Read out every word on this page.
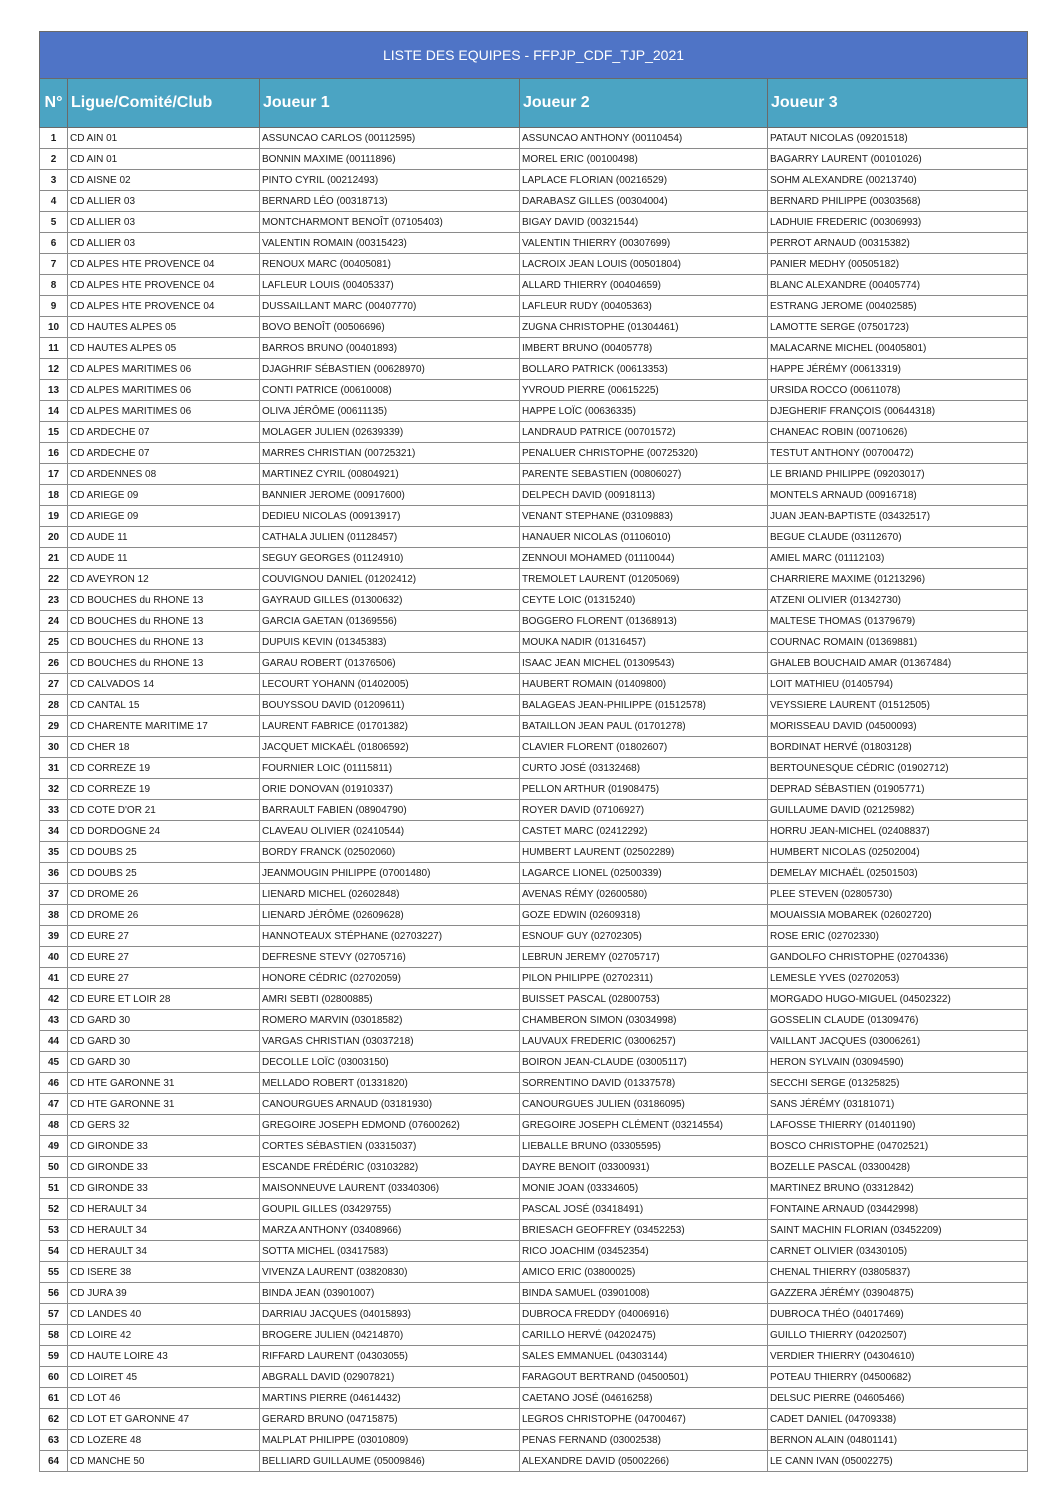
LISTE DES EQUIPES - FFPJP_CDF_TJP_2021				
N°	Ligue/Comité/Club	Joueur 1	Joueur 2	Joueur 3
1	CD AIN 01	ASSUNCAO CARLOS (00112595)	ASSUNCAO ANTHONY (00110454)	PATAUT NICOLAS (09201518)
2	CD AIN 01	BONNIN MAXIME (00111896)	MOREL ERIC (00100498)	BAGARRY LAURENT (00101026)
3	CD AISNE 02	PINTO CYRIL (00212493)	LAPLACE FLORIAN (00216529)	SOHM ALEXANDRE (00213740)
4	CD ALLIER 03	BERNARD LÉO (00318713)	DARABASZ GILLES (00304004)	BERNARD PHILIPPE (00303568)
5	CD ALLIER 03	MONTCHARMONT BENOÎT (07105403)	BIGAY DAVID (00321544)	LADHUIE FREDERIC (00306993)
6	CD ALLIER 03	VALENTIN ROMAIN (00315423)	VALENTIN THIERRY (00307699)	PERROT ARNAUD (00315382)
7	CD ALPES HTE PROVENCE 04	RENOUX MARC (00405081)	LACROIX JEAN LOUIS (00501804)	PANIER MEDHY (00505182)
8	CD ALPES HTE PROVENCE 04	LAFLEUR LOUIS (00405337)	ALLARD THIERRY (00404659)	BLANC ALEXANDRE (00405774)
9	CD ALPES HTE PROVENCE 04	DUSSAILLANT MARC (00407770)	LAFLEUR RUDY (00405363)	ESTRANG JEROME (00402585)
10	CD HAUTES ALPES 05	BOVO BENOÎT (00506696)	ZUGNA CHRISTOPHE (01304461)	LAMOTTE SERGE (07501723)
11	CD HAUTES ALPES 05	BARROS BRUNO (00401893)	IMBERT BRUNO (00405778)	MALACARNE MICHEL (00405801)
12	CD ALPES MARITIMES 06	DJAGHRIF SÉBASTIEN (00628970)	BOLLARO PATRICK (00613353)	HAPPE JÉRÉMY (00613319)
13	CD ALPES MARITIMES 06	CONTI PATRICE (00610008)	YVROUD PIERRE (00615225)	URSIDA ROCCO (00611078)
14	CD ALPES MARITIMES 06	OLIVA JÉRÔME (00611135)	HAPPE LOÏC (00636335)	DJEGHERIF FRANÇOIS (00644318)
15	CD ARDECHE 07	MOLAGER JULIEN (02639339)	LANDRAUD PATRICE (00701572)	CHANEAC ROBIN (00710626)
16	CD ARDECHE 07	MARRES CHRISTIAN (00725321)	PENALUER CHRISTOPHE (00725320)	TESTUT ANTHONY (00700472)
17	CD ARDENNES 08	MARTINEZ CYRIL (00804921)	PARENTE SEBASTIEN (00806027)	LE BRIAND PHILIPPE (09203017)
18	CD ARIEGE 09	BANNIER JEROME (00917600)	DELPECH DAVID (00918113)	MONTELS ARNAUD (00916718)
19	CD ARIEGE 09	DEDIEU NICOLAS (00913917)	VENANT STEPHANE (03109883)	JUAN JEAN-BAPTISTE (03432517)
20	CD AUDE 11	CATHALA JULIEN (01128457)	HANAUER NICOLAS (01106010)	BEGUE CLAUDE (03112670)
21	CD AUDE 11	SEGUY GEORGES (01124910)	ZENNOUI MOHAMED (01110044)	AMIEL MARC (01112103)
22	CD AVEYRON 12	COUVIGNOU DANIEL (01202412)	TREMOLET LAURENT (01205069)	CHARRIERE MAXIME (01213296)
23	CD BOUCHES du RHONE 13	GAYRAUD GILLES (01300632)	CEYTE LOIC (01315240)	ATZENI OLIVIER (01342730)
24	CD BOUCHES du RHONE 13	GARCIA GAETAN (01369556)	BOGGERO FLORENT (01368913)	MALTESE THOMAS (01379679)
25	CD BOUCHES du RHONE 13	DUPUIS KEVIN (01345383)	MOUKA NADIR (01316457)	COURNAC ROMAIN (01369881)
26	CD BOUCHES du RHONE 13	GARAU ROBERT (01376506)	ISAAC JEAN MICHEL (01309543)	GHALEB BOUCHAID AMAR (01367484)
27	CD CALVADOS 14	LECOURT YOHANN (01402005)	HAUBERT ROMAIN (01409800)	LOIT MATHIEU (01405794)
28	CD CANTAL 15	BOUYSSOU DAVID (01209611)	BALAGEAS JEAN-PHILIPPE (01512578)	VEYSSIERE LAURENT (01512505)
29	CD CHARENTE MARITIME 17	LAURENT FABRICE (01701382)	BATAILLON JEAN PAUL (01701278)	MORISSEAU DAVID (04500093)
30	CD CHER 18	JACQUET MICKAËL (01806592)	CLAVIER FLORENT (01802607)	BORDINAT HERVÉ (01803128)
31	CD CORREZE 19	FOURNIER LOIC (01115811)	CURTO JOSÉ (03132468)	BERTOUNESQUE CÉDRIC (01902712)
32	CD CORREZE 19	ORIE DONOVAN (01910337)	PELLON ARTHUR (01908475)	DEPRAD SÉBASTIEN (01905771)
33	CD COTE D'OR 21	BARRAULT FABIEN (08904790)	ROYER DAVID (07106927)	GUILLAUME DAVID (02125982)
34	CD DORDOGNE 24	CLAVEAU OLIVIER (02410544)	CASTET MARC (02412292)	HORRU JEAN-MICHEL (02408837)
35	CD DOUBS 25	BORDY FRANCK (02502060)	HUMBERT LAURENT (02502289)	HUMBERT NICOLAS (02502004)
36	CD DOUBS 25	JEANMOUGIN PHILIPPE (07001480)	LAGARCE LIONEL (02500339)	DEMELAY MICHAËL (02501503)
37	CD DROME 26	LIENARD MICHEL (02602848)	AVENAS RÉMY (02600580)	PLEE STEVEN (02805730)
38	CD DROME 26	LIENARD JÉRÔME (02609628)	GOZE EDWIN (02609318)	MOUAISSIA MOBAREK (02602720)
39	CD EURE 27	HANNOTEAUX STÉPHANE (02703227)	ESNOUF GUY (02702305)	ROSE ERIC (02702330)
40	CD EURE 27	DEFRESNE STEVY (02705716)	LEBRUN JEREMY (02705717)	GANDOLFO CHRISTOPHE (02704336)
41	CD EURE 27	HONORE CÉDRIC (02702059)	PILON PHILIPPE (02702311)	LEMESLE YVES (02702053)
42	CD EURE ET LOIR 28	AMRI SEBTI (02800885)	BUISSET PASCAL (02800753)	MORGADO HUGO-MIGUEL (04502322)
43	CD GARD 30	ROMERO MARVIN (03018582)	CHAMBERON SIMON (03034998)	GOSSELIN CLAUDE (01309476)
44	CD GARD 30	VARGAS CHRISTIAN (03037218)	LAUVAUX FREDERIC (03006257)	VAILLANT JACQUES (03006261)
45	CD GARD 30	DECOLLE LOÏC (03003150)	BOIRON JEAN-CLAUDE (03005117)	HERON SYLVAIN (03094590)
46	CD HTE GARONNE 31	MELLADO ROBERT (01331820)	SORRENTINO DAVID (01337578)	SECCHI SERGE (01325825)
47	CD HTE GARONNE 31	CANOURGUES ARNAUD (03181930)	CANOURGUES JULIEN (03186095)	SANS JÉRÉMY (03181071)
48	CD GERS 32	GREGOIRE JOSEPH EDMOND (07600262)	GREGOIRE JOSEPH CLÉMENT (03214554)	LAFOSSE THIERRY (01401190)
49	CD GIRONDE 33	CORTES SÉBASTIEN (03315037)	LIEBALLE BRUNO (03305595)	BOSCO CHRISTOPHE (04702521)
50	CD GIRONDE 33	ESCANDE FRÉDÉRIC (03103282)	DAYRE BENOIT (03300931)	BOZELLE PASCAL (03300428)
51	CD GIRONDE 33	MAISONNEUVE LAURENT (03340306)	MONIE JOAN (03334605)	MARTINEZ BRUNO (03312842)
52	CD HERAULT 34	GOUPIL GILLES (03429755)	PASCAL JOSÉ (03418491)	FONTAINE ARNAUD (03442998)
53	CD HERAULT 34	MARZA ANTHONY (03408966)	BRIESACH GEOFFREY (03452253)	SAINT MACHIN FLORIAN (03452209)
54	CD HERAULT 34	SOTTA MICHEL (03417583)	RICO JOACHIM (03452354)	CARNET OLIVIER (03430105)
55	CD ISERE 38	VIVENZA LAURENT (03820830)	AMICO ERIC (03800025)	CHENAL THIERRY (03805837)
56	CD JURA 39	BINDA JEAN (03901007)	BINDA SAMUEL (03901008)	GAZZERA JÉRÉMY (03904875)
57	CD LANDES 40	DARRIAU JACQUES (04015893)	DUBROCA FREDDY (04006916)	DUBROCA THÉO (04017469)
58	CD LOIRE 42	BROGERE JULIEN (04214870)	CARILLO HERVÉ (04202475)	GUILLO THIERRY (04202507)
59	CD HAUTE LOIRE 43	RIFFARD LAURENT (04303055)	SALES EMMANUEL (04303144)	VERDIER THIERRY (04304610)
60	CD LOIRET 45	ABGRALL DAVID (02907821)	FARAGOUT BERTRAND (04500501)	POTEAU THIERRY (04500682)
61	CD LOT 46	MARTINS PIERRE (04614432)	CAETANO JOSÉ (04616258)	DELSUC PIERRE (04605466)
62	CD LOT ET GARONNE 47	GERARD BRUNO (04715875)	LEGROS CHRISTOPHE (04700467)	CADET DANIEL (04709338)
63	CD LOZERE 48	MALPLAT PHILIPPE (03010809)	PENAS FERNAND (03002538)	BERNON ALAIN (04801141)
64	CD MANCHE 50	BELLIARD GUILLAUME (05009846)	ALEXANDRE DAVID (05002266)	LE CANN IVAN (05002275)
